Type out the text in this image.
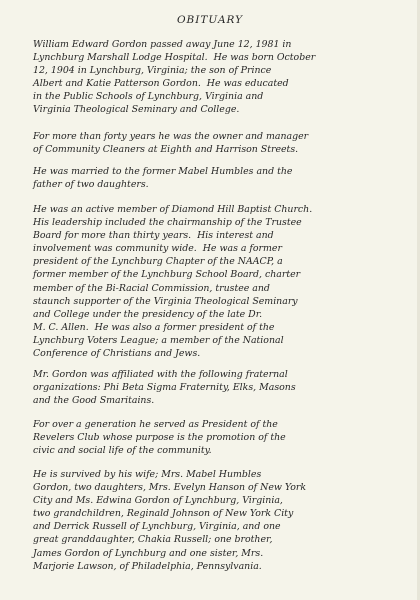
OBITUARY

William Edward Gordon passed away June 12, 1981 in
Lynchburg Marshall Lodge Hospital.  He was born October
12, 1904 in Lynchburg, Virginia; the son of Prince
Albert and Katie Patterson Gordon.  He was educated
in the Public Schools of Lynchburg, Virginia and
Virginia Theological Seminary and College.

For more than forty years he was the owner and manager
of Community Cleaners at Eighth and Harrison Streets.

He was married to the former Mabel Humbles and the
father of two daughters.

He was an active member of Diamond Hill Baptist Church.
His leadership included the chairmanship of the Trustee
Board for more than thirty years.  His interest and
involvement was community wide.  He was a former
president of the Lynchburg Chapter of the NAACP, a
former member of the Lynchburg School Board, charter
member of the Bi-Racial Commission, trustee and
staunch supporter of the Virginia Theological Seminary
and College under the presidency of the late Dr.
M. C. Allen.  He was also a former president of the
Lynchburg Voters League; a member of the National
Conference of Christians and Jews.

Mr. Gordon was affiliated with the following fraternal
organizations: Phi Beta Sigma Fraternity, Elks, Masons
and the Good Smaritains.

For over a generation he served as President of the
Revelers Club whose purpose is the promotion of the
civic and social life of the community.

He is survived by his wife; Mrs. Mabel Humbles
Gordon, two daughters, Mrs. Evelyn Hanson of New York
City and Ms. Edwina Gordon of Lynchburg, Virginia,
two grandchildren, Reginald Johnson of New York City
and Derrick Russell of Lynchburg, Virginia, and one
great granddaughter, Chakia Russell; one brother,
James Gordon of Lynchburg and one sister, Mrs.
Marjorie Lawson, of Philadelphia, Pennsylvania.
